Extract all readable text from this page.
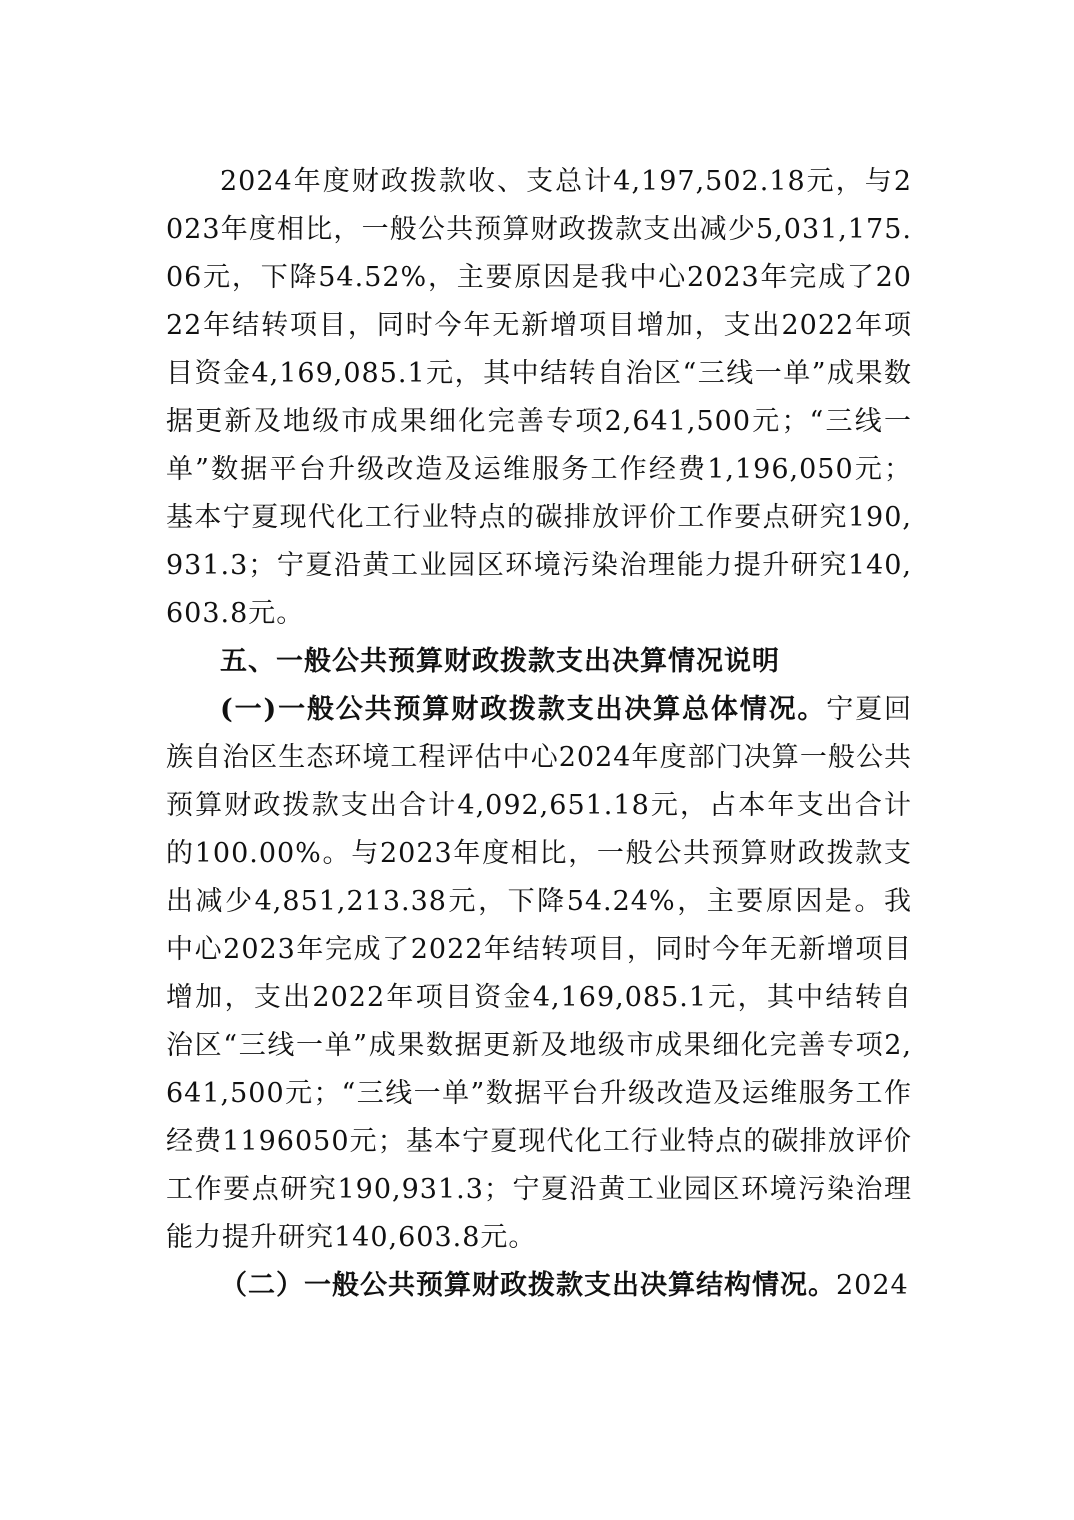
2024年度财政拨款收、支总计4,197,502.18元，与2023年度相比，一般公共预算财政拨款支出减少5,031,175.06元，下降54.52%，主要原因是我中心2023年完成了2022年结转项目，同时今年无新增项目增加，支出2022年项目资金4,169,085.1元，其中结转自治区“三线一单”成果数据更新及地级市成果细化完善专项2,641,500元；“三线一单”数据平台升级改造及运维服务工作经费1,196,050元；基本宁夏现代化工行业特点的碳排放评价工作要点研究190,931.3；宁夏沿黄工业园区环境污染治理能力提升研究140,603.8元。

五、一般公共预算财政拨款支出决算情况说明

(一)一般公共预算财政拨款支出决算总体情况。宁夏回族自治区生态环境工程评估中心2024年度部门决算一般公共预算财政拨款支出合计4,092,651.18元，占本年支出合计的100.00%。与2023年度相比，一般公共预算财政拨款支出减少4,851,213.38元，下降54.24%，主要原因是。我中心2023年完成了2022年结转项目，同时今年无新增项目增加，支出2022年项目资金4,169,085.1元，其中结转自治区“三线一单”成果数据更新及地级市成果细化完善专项2,641,500元；“三线一单”数据平台升级改造及运维服务工作经费1196050元；基本宁夏现代化工行业特点的碳排放评价工作要点研究190,931.3；宁夏沿黄工业园区环境污染治理能力提升研究140,603.8元。

（二）一般公共预算财政拨款支出决算结构情况。2024
